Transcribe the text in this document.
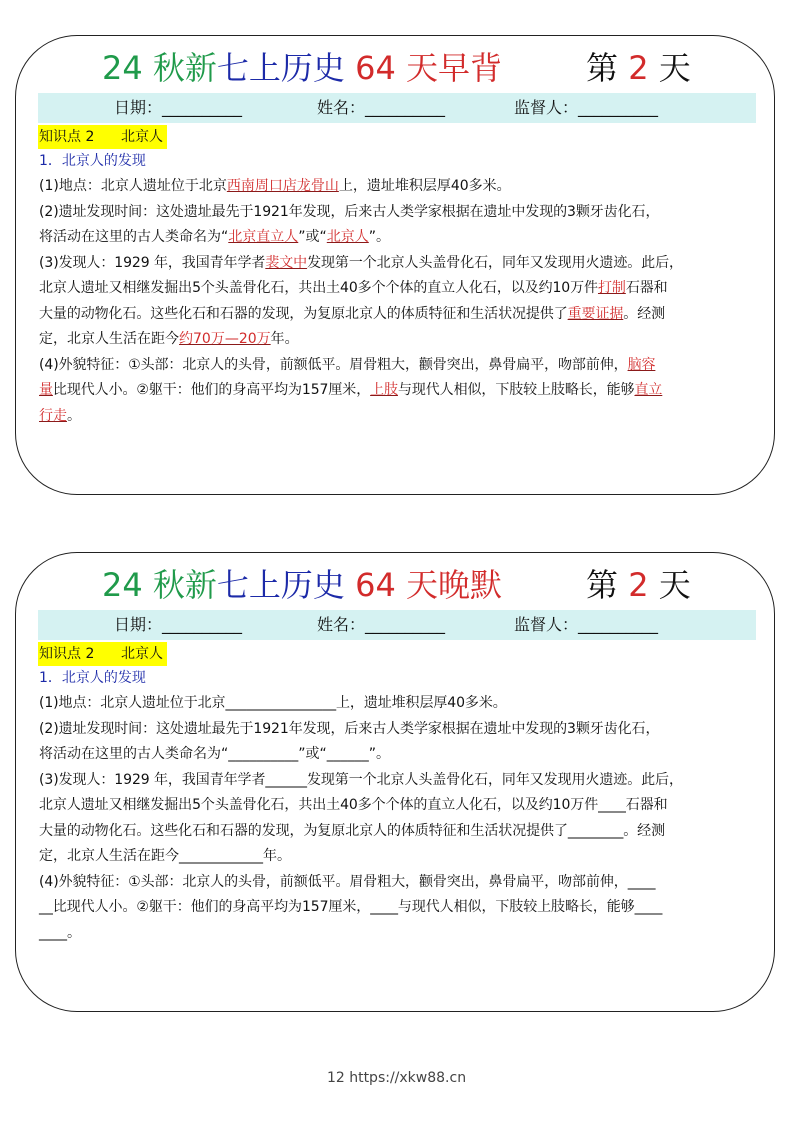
24 秋新七上历史 64 天早背	第 2 天
日期：__________	姓名：__________	监督人：__________
知识点 2      北京人
1．北京人的发现
(1)地点：北京人遗址位于北京西南周口店龙骨山上，遗址堆积层厚40多米。
(2)遗址发现时间：这处遗址最先于1921年发现，后来古人类学家根据在遗址中发现的3颗牙齿化石，
将活动在这里的古人类命名为“北京直立人”或“北京人”。
(3)发现人：1929 年，我国青年学者裴文中发现第一个北京人头盖骨化石，同年又发现用火遗迹。此后，
北京人遗址又相继发掘出5个头盖骨化石，共出土40多个个体的直立人化石，以及约10万件打制石器和
大量的动物化石。这些化石和石器的发现，为复原北京人的体质特征和生活状况提供了重要证据。经测
定，北京人生活在距今约70万—20万年。
(4)外貌特征：①头部：北京人的头骨，前额低平。眉骨粗大，颧骨突出，鼻骨扁平，吻部前伸，脑容
量比现代人小。②躯干：他们的身高平均为157厘米，上肢与现代人相似，下肢较上肢略长，能够直立
行走。
24 秋新七上历史 64 天晚默	第 2 天
日期：__________	姓名：__________	监督人：__________
知识点 2      北京人
1．北京人的发现
(1)地点：北京人遗址位于北京________________上，遗址堆积层厚40多米。
(2)遗址发现时间：这处遗址最先于1921年发现，后来古人类学家根据在遗址中发现的3颗牙齿化石，
将活动在这里的古人类命名为“__________”或“______”。
(3)发现人：1929 年，我国青年学者______发现第一个北京人头盖骨化石，同年又发现用火遗迹。此后，
北京人遗址又相继发掘出5个头盖骨化石，共出土40多个个体的直立人化石，以及约10万件____石器和
大量的动物化石。这些化石和石器的发现，为复原北京人的体质特征和生活状况提供了________。经测
定，北京人生活在距今____________年。
(4)外貌特征：①头部：北京人的头骨，前额低平。眉骨粗大，颧骨突出，鼻骨扁平，吻部前伸，____
__比现代人小。②躯干：他们的身高平均为157厘米，____与现代人相似，下肢较上肢略长，能够____
____。
12 https://xkw88.cn
